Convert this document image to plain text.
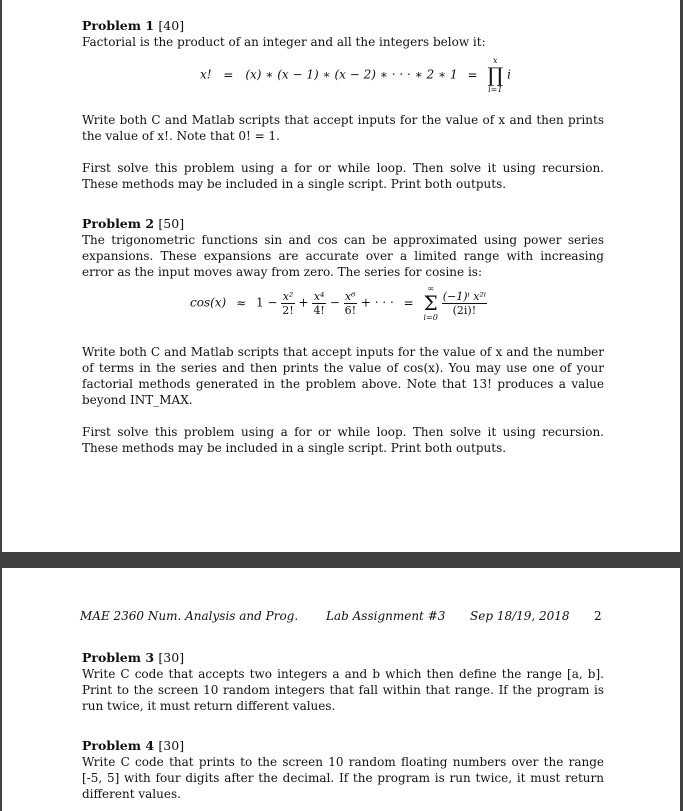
Problem 1 [40]

Factorial is the product of an integer and all the integers below it:

x! = (x) ∗ (x − 1) ∗ (x − 2) ∗ · · · ∗ 2 ∗ 1 =
x
∏
i=1
i

Write both C and Matlab scripts that accept inputs for the value of x and then prints the value of x!. Note that 0! = 1.

First solve this problem using a for or while loop. Then solve it using recursion. These methods may be included in a single script. Print both outputs.

Problem 2 [50]

The trigonometric functions sin and cos can be approximated using power series expansions. These expansions are accurate over a limited range with increasing error as the input moves away from zero. The series for cosine is:

$\cos(x) \approx 1 - \frac{\text{x²}}{2!} + \frac{\text{x⁴}}{4!} - \frac{\text{x⁶}}{6!}$ + · · · =
∞
Σ
i=0

$\frac{\text{(−1)ⁱ x²ⁱ}}{(2i)!}$

Write both C and Matlab scripts that accept inputs for the value of x and the number of terms in the series and then prints the value of cos(x). You may use one of your factorial methods generated in the problem above. Note that 13! produces a value beyond INT_MAX.

First solve this problem using a for or while loop. Then solve it using recursion. These methods may be included in a single script. Print both outputs.

MAE 2360 Num. Analysis and Prog. Lab Assignment #3 Sep 18/19, 2018 2
Problem 3 [30]

Write C code that accepts two integers a and b which then define the range [a, b]. Print to the screen 10 random integers that fall within that range. If the program is run twice, it must return different values.

Problem 4 [30]

Write C code that prints to the screen 10 random floating numbers over the range [-5, 5] with four digits after the decimal. If the program is run twice, it must return different values.
